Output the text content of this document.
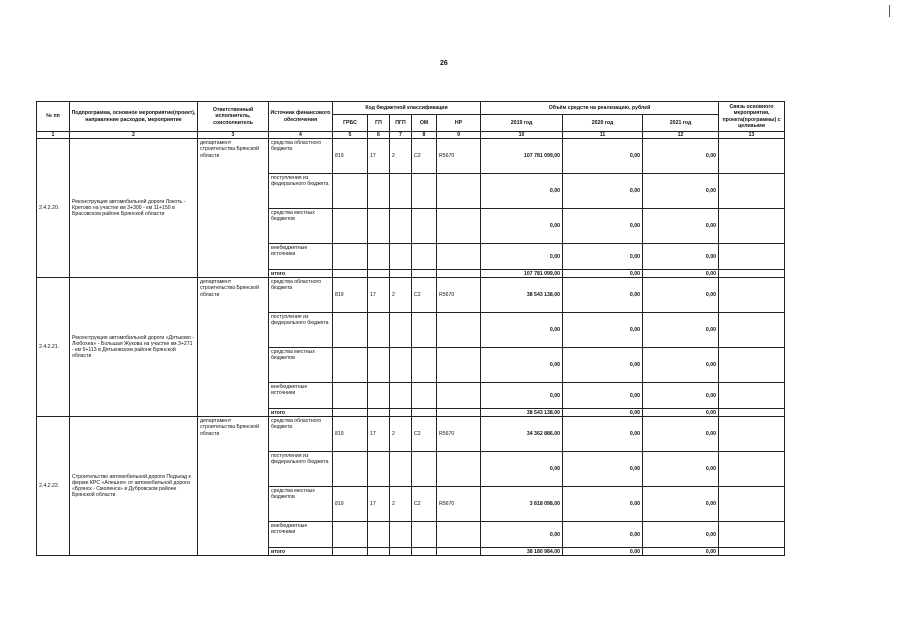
26
№ пп	Подпрограмма, основное мероприятие(проект), направление расходов, мероприятие	Ответственный исполнитель, соисполнитель	Источник финансового обеспечения	Код бюджетной классификации					Объём средств на реализацию, рублей			Связь основного мероприятия, проекта(программы) с целевыми
				ГРБС	ГП	ПГП	ОМ	НР	2019 год	2020 год	2021 год	
1	2	3	4	5	6	7	8	9	10	11	12	13
2.4.2.20.	Реконструкция автомобильной дороги Локоть - Кретово на участке км 3+300 - км 11+150 в Брасовском районе Брянской области	департамент строительства Брянской области	средства областного бюджета	819	17	2	С2	R5670	107 781 099,00	0,00	0,00	
			поступления из федерального бюджета						0,00	0,00	0,00	
			средства местных бюджетов						0,00	0,00	0,00	
			внебюджетные источники						0,00	0,00	0,00	
			итого						107 781 099,00	0,00	0,00	
2.4.2.21.	Реконструкция автомобильной дороги «Дятьково - Любохна» - Большая Жукова на участке км 3+271 - км 6+113 в Дятьковском районе Брянской области	департамент строительства Брянской области	средства областного бюджета	819	17	2	С2	R5670	38 543 138,00	0,00	0,00	
			поступления из федерального бюджета						0,00	0,00	0,00	
			средства местных бюджетов						0,00	0,00	0,00	
			внебюджетные источники						0,00	0,00	0,00	
			итого						38 543 138,00	0,00	0,00	
2.4.2.22.	Строительство автомобильной дороги Подъезд к ферме КРС «Алешня» от автомобильной дороги «Брянск - Смоленск» в Дубровском районе Брянской области	департамент строительства Брянской области	средства областного бюджета	819	17	2	С2	R5670	34 362 886,00	0,00	0,00	
			поступления из федерального бюджета						0,00	0,00	0,00	
			средства местных бюджетов	819	17	2	С2	R5670	3 818 098,00	0,00	0,00	
			внебюджетные источники						0,00	0,00	0,00	
			итого						38 180 984,00	0,00	0,00	
